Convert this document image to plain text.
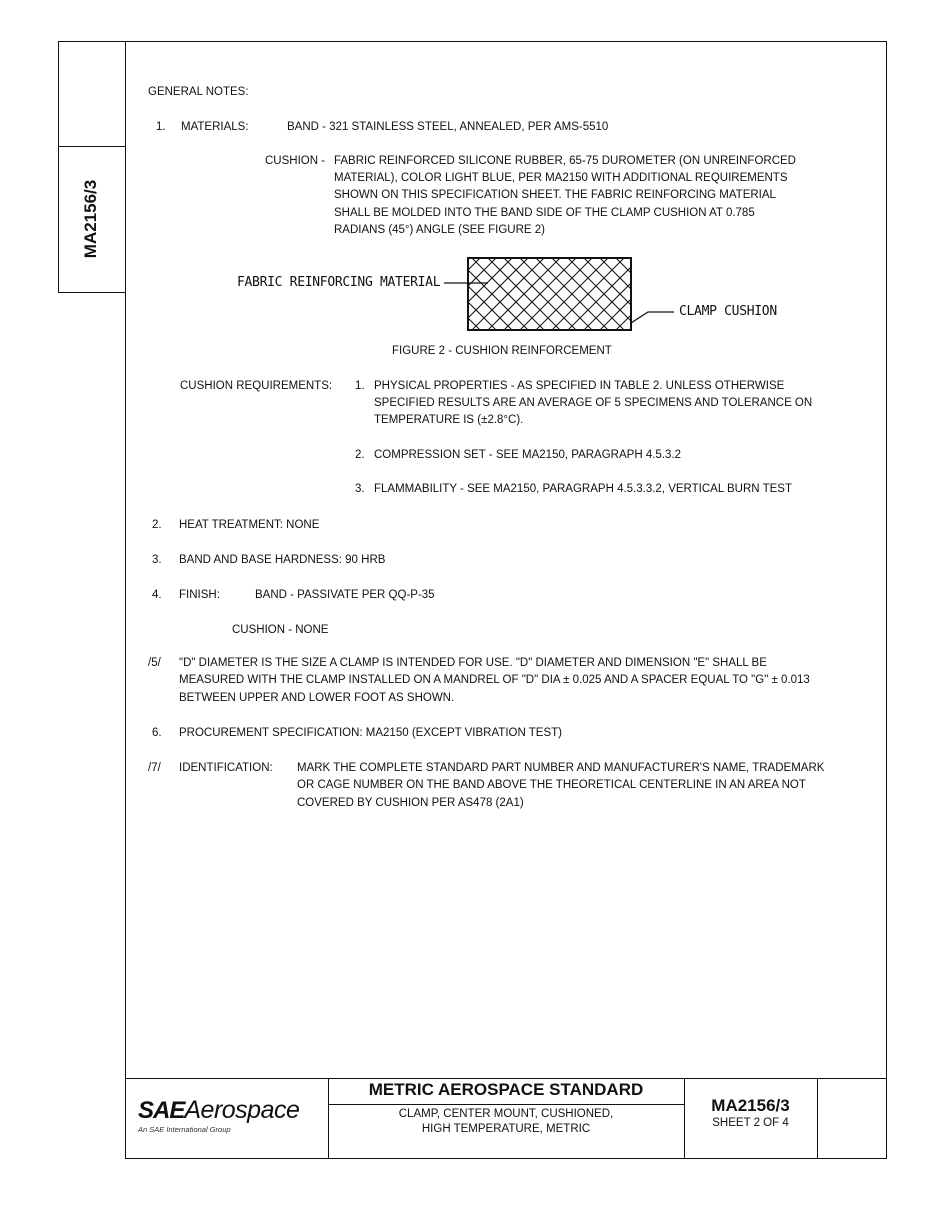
MA2156/3
GENERAL NOTES:
1. MATERIALS:	BAND - 321 STAINLESS STEEL, ANNEALED, PER AMS-5510
CUSHION - FABRIC REINFORCED SILICONE RUBBER, 65-75 DUROMETER (ON UNREINFORCED
MATERIAL), COLOR LIGHT BLUE, PER MA2150 WITH ADDITIONAL REQUIREMENTS
SHOWN ON THIS SPECIFICATION SHEET. THE FABRIC REINFORCING MATERIAL
SHALL BE MOLDED INTO THE BAND SIDE OF THE CLAMP CUSHION AT 0.785
RADIANS (45°) ANGLE (SEE FIGURE 2)
FABRIC REINFORCING MATERIAL
CLAMP CUSHION
FIGURE 2 - CUSHION REINFORCEMENT
CUSHION REQUIREMENTS: 1. PHYSICAL PROPERTIES - AS SPECIFIED IN TABLE 2. UNLESS OTHERWISE
SPECIFIED RESULTS ARE AN AVERAGE OF 5 SPECIMENS AND TOLERANCE ON
TEMPERATURE IS (±2.8°C).
2. COMPRESSION SET - SEE MA2150, PARAGRAPH 4.5.3.2
3. FLAMMABILITY - SEE MA2150, PARAGRAPH 4.5.3.3.2, VERTICAL BURN TEST
2. HEAT TREATMENT: NONE
3. BAND AND BASE HARDNESS: 90 HRB
4. FINISH:	BAND - PASSIVATE PER QQ-P-35
CUSHION - NONE
/5/ "D" DIAMETER IS THE SIZE A CLAMP IS INTENDED FOR USE. "D" DIAMETER AND DIMENSION "E" SHALL BE
MEASURED WITH THE CLAMP INSTALLED ON A MANDREL OF "D" DIA ± 0.025 AND A SPACER EQUAL TO "G" ± 0.013
BETWEEN UPPER AND LOWER FOOT AS SHOWN.
6. PROCUREMENT SPECIFICATION: MA2150 (EXCEPT VIBRATION TEST)
/7/ IDENTIFICATION: MARK THE COMPLETE STANDARD PART NUMBER AND MANUFACTURER'S NAME, TRADEMARK
OR CAGE NUMBER ON THE BAND ABOVE THE THEORETICAL CENTERLINE IN AN AREA NOT
COVERED BY CUSHION PER AS478 (2A1)
SAEAerospace
An SAE International Group
METRIC AEROSPACE STANDARD
CLAMP, CENTER MOUNT, CUSHIONED,
HIGH TEMPERATURE, METRIC
MA2156/3
SHEET 2 OF 4
